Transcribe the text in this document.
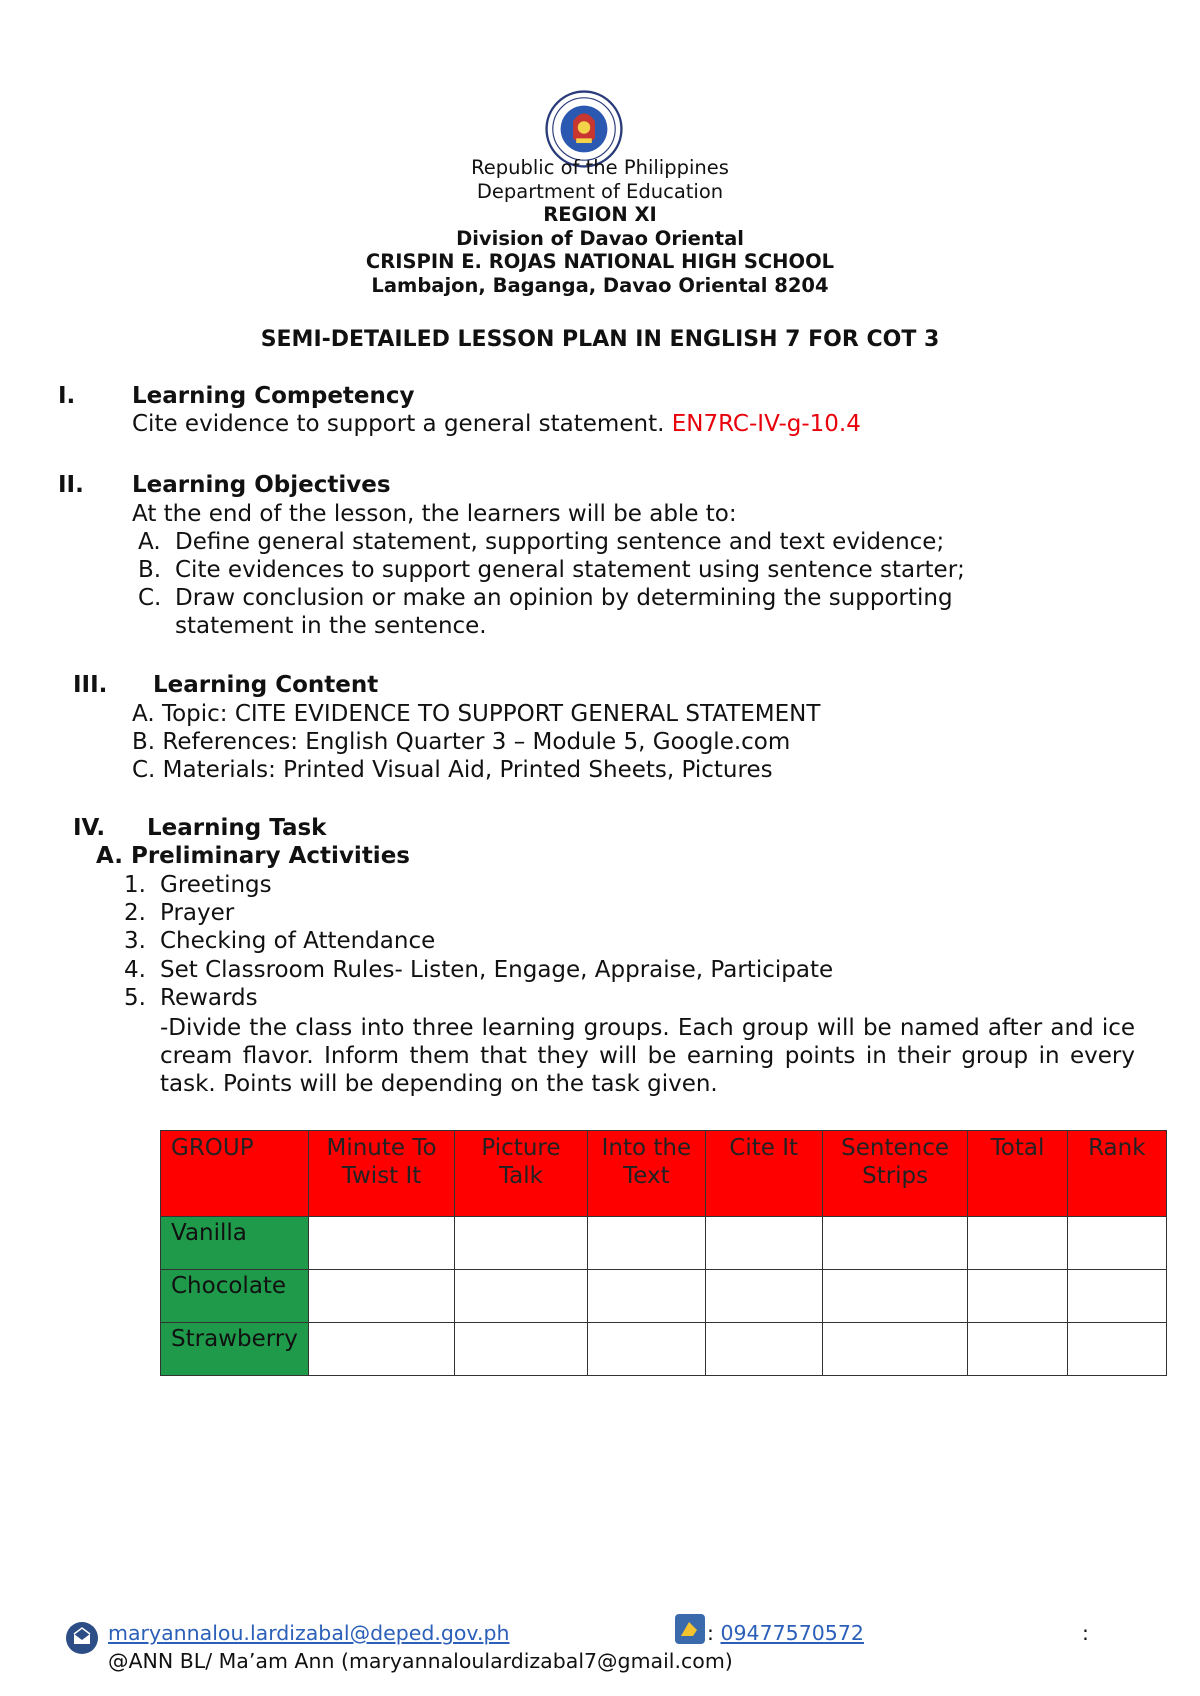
Republic of the Philippines
Department of Education
REGION XI
Division of Davao Oriental
CRISPIN E. ROJAS NATIONAL HIGH SCHOOL
Lambajon, Baganga, Davao Oriental 8204
SEMI-DETAILED LESSON PLAN IN ENGLISH 7 FOR COT 3
I. Learning Competency
Cite evidence to support a general statement. EN7RC-IV-g-10.4
II. Learning Objectives
At the end of the lesson, the learners will be able to:
A. Define general statement, supporting sentence and text evidence;
B. Cite evidences to support general statement using sentence starter;
C. Draw conclusion or make an opinion by determining the supporting
statement in the sentence.
III. Learning Content
A. Topic: CITE EVIDENCE TO SUPPORT GENERAL STATEMENT
B. References: English Quarter 3 – Module 5, Google.com
C. Materials: Printed Visual Aid, Printed Sheets, Pictures
IV. Learning Task
A. Preliminary Activities
1. Greetings
2. Prayer
3. Checking of Attendance
4. Set Classroom Rules- Listen, Engage, Appraise, Participate
5. Rewards
-Divide the class into three learning groups. Each group will be named after and ice cream flavor. Inform them that they will be earning points in their group in every task. Points will be depending on the task given.
GROUP	Minute To Twist It	Picture Talk	Into the Text	Cite It	Sentence Strips	Total	Rank
Vanilla							
Chocolate							
Strawberry							
maryannalou.lardizabal@deped.gov.ph	: 09477570572	:
@ANN BL/ Ma’am Ann (maryannaloulardizabal7@gmail.com)
